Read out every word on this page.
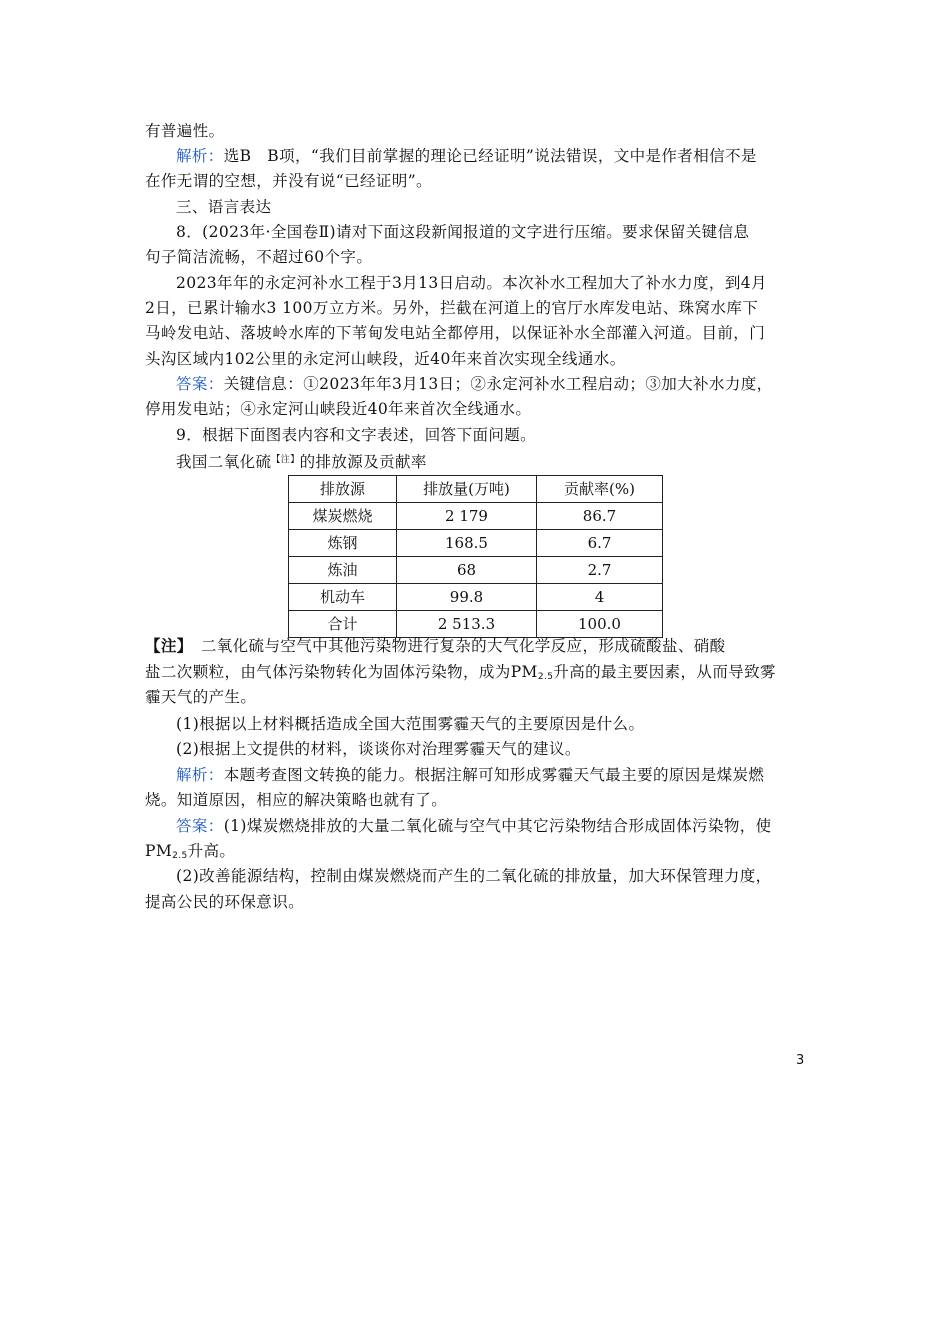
有普遍性。
解析：选B　B项，“我们目前掌握的理论已经证明”说法错误，文中是作者相信不是
在作无谓的空想，并没有说“已经证明”。
三、语言表达
8．(2023年·全国卷Ⅱ)请对下面这段新闻报道的文字进行压缩。要求保留关键信息
句子简洁流畅，不超过60个字。
2023年年的永定河补水工程于3月13日启动。本次补水工程加大了补水力度，到4月
2日，已累计输水3 100万立方米。另外，拦截在河道上的官厅水库发电站、珠窝水库下
马岭发电站、落坡岭水库的下苇甸发电站全都停用，以保证补水全部灌入河道。目前，门
头沟区域内102公里的永定河山峡段，近40年来首次实现全线通水。
答案：关键信息：①2023年年3月13日；②永定河补水工程启动；③加大补水力度，
停用发电站；④永定河山峡段近40年来首次全线通水。
9．根据下面图表内容和文字表述，回答下面问题。
我国二氧化硫$^{【注】}$的排放源及贡献率
排放源	排放量(万吨)	贡献率(%)
煤炭燃烧	2 179	86.7
炼钢	168.5	6.7
炼油	68	2.7
机动车	99.8	4
合计	2 513.3	100.0
【注】　二氧化硫与空气中其他污染物进行复杂的大气化学反应，形成硫酸盐、硝酸
盐二次颗粒，由气体污染物转化为固体污染物，成为$PM_{2.5}$升高的最主要因素，从而导致雾
霾天气的产生。
(1)根据以上材料概括造成全国大范围雾霾天气的主要原因是什么。
(2)根据上文提供的材料，谈谈你对治理雾霾天气的建议。
解析：本题考查图文转换的能力。根据注解可知形成雾霾天气最主要的原因是煤炭燃
烧。知道原因，相应的解决策略也就有了。
答案：(1)煤炭燃烧排放的大量二氧化硫与空气中其它污染物结合形成固体污染物，使
$PM_{2.5}$升高。
(2)改善能源结构，控制由煤炭燃烧而产生的二氧化硫的排放量，加大环保管理力度，
提高公民的环保意识。
3
